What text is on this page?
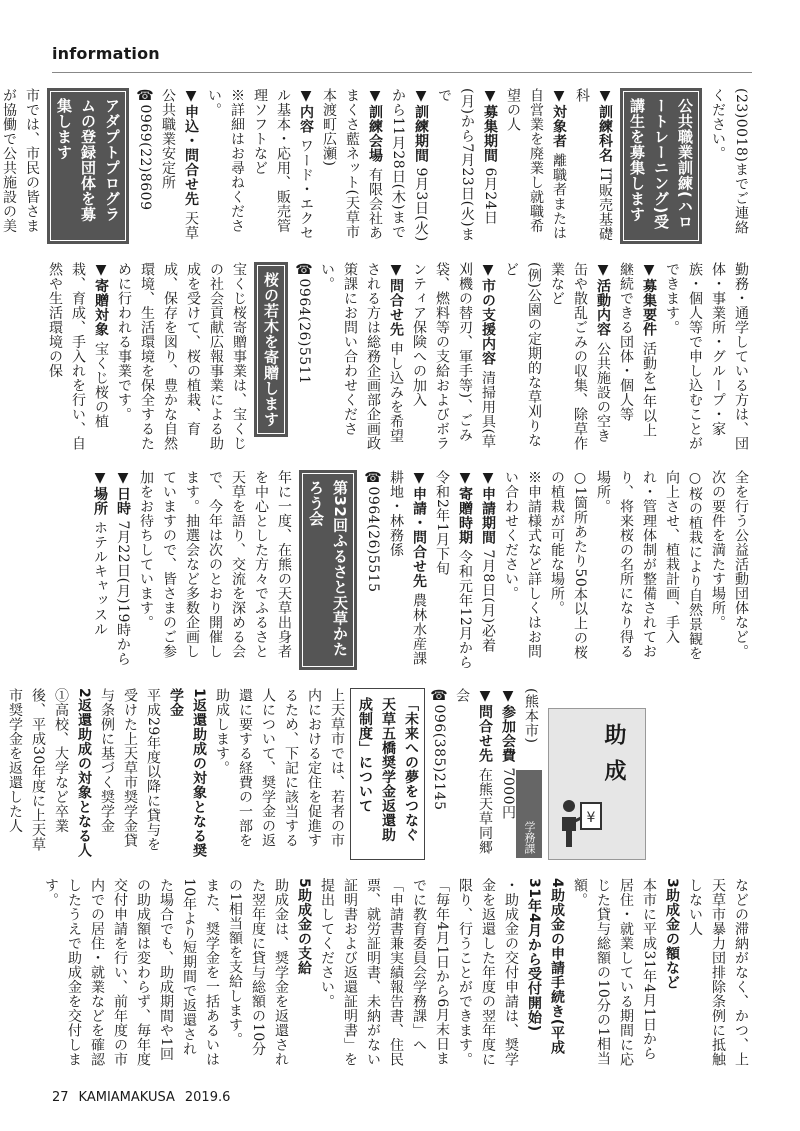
information

(23)0018)までご連絡ください。

公共職業訓練(ハロートレーニング)受講生を募集します

▼訓練科名 IT販売基礎科

▼対象者 離職者または自営業を廃業し就職希望の人

▼募集期間 6月24日(月)から7月23日(火)まで

▼訓練期間 9月3日(火)から11月28日(木)まで

▼訓練会場 有限会社あまくさ藍ネット(天草市本渡町広瀬)

▼内容 ワード・エクセル基本・応用、販売管理ソフトなど

※詳細はお尋ねください。

▼申込・問合せ先 天草公共職業安定所

☎0969(22)8609

アダプトプログラムの登録団体を募集します

市では、市民の皆さまが協働で公共施設の美

勤務・通学している方は、団体・事業所・グループ・家族・個人等で申し込むことができます。

▼募集要件 活動を1年以上継続できる団体・個人等

▼活動内容 公共施設の空き缶や散乱ごみの収集、除草作業など

(例)公園の定期的な草刈りなど

▼市の支援内容 清掃用具(草刈機の替刃、軍手等)、ごみ袋、燃料等の支給およびボランティア保険への加入

▼問合せ先 申し込みを希望される方は総務企画部企画政策課にお問い合わせください。

☎0964(26)5511

桜の若木を寄贈します

宝くじ桜寄贈事業は、宝くじの社会貢献広報事業による助成を受けて、桜の植栽、育成、保存を図り、豊かな自然環境、生活環境を保全するために行われる事業です。

▼寄贈対象 宝くじ桜の植栽、育成、手入れを行い、自然や生活環境の保

全を行う公益活動団体など。次の要件を満たす場所。

○桜の植栽により自然景観を向上させ、植栽計画、手入れ・管理体制が整備されており、将来桜の名所になり得る場所。

○1箇所あたり50本以上の桜の植栽が可能な場所。

※申請様式など詳しくはお問い合わせください。

▼申請期間 7月8日(月)必着

▼寄贈時期 令和元年12月から令和2年1月下旬

▼申請・問合せ先 農林水産課耕地・林務係

☎0964(26)5515

第32回ふるさと天草かたろう会

年に一度、在熊の天草出身者を中心とした方々でふるさと天草を語り、交流を深める会で、今年は次のとおり開催します。抽選会など多数企画していますので、皆さまのご参加をお待ちしています。

▼日時 7月22日(月)19時から

▼場所 ホテルキャッスル

(熊本市)

▼参加会費 7000円

▼問合せ先 在熊天草同郷会

☎096(385)2145

「未来への夢をつなぐ天草五橋奨学金返還助成制度」について

上天草市では、若者の市内における定住を促進するため、下記に該当する人について、奨学金の返還に要する経費の一部を助成します。

1返還助成の対象となる奨学金

平成29年度以降に貸与を受けた上天草市奨学金貸与条例に基づく奨学金

2返還助成の対象となる人

①高校、大学など卒業後、平成30年度に上天草市奨学金を返還した人

などの滞納がなく、かつ、上天草市暴力団排除条例に抵触しない人

3助成金の額など

本市に平成31年4月1日から居住・就業している期間に応じた貸与総額の10分の1相当額。

4助成金の申請手続き(平成31年4月から受付開始)

・助成金の交付申請は、奨学金を返還した年度の翌年度に限り、行うことができます。「毎年4月1日から6月末日までに教育委員会学務課」へ「申請書兼実績報告書、住民票、就労証明書、未納がない証明書および返還証明書」を提出してください。

5助成金の支給

助成金は、奨学金を返還された翌年度に貸与総額の10分の1相当額を支給します。

また、奨学金を一括あるいは10年より短期間で返還された場合でも、助成期間や1回の助成額は変わらず、毎年度交付申請を行い、前年度の市内での居住・就業などを確認したうえで助成金を交付します。

助成
¥
学務課
27 KAMIAMAKUSA 2019.6
